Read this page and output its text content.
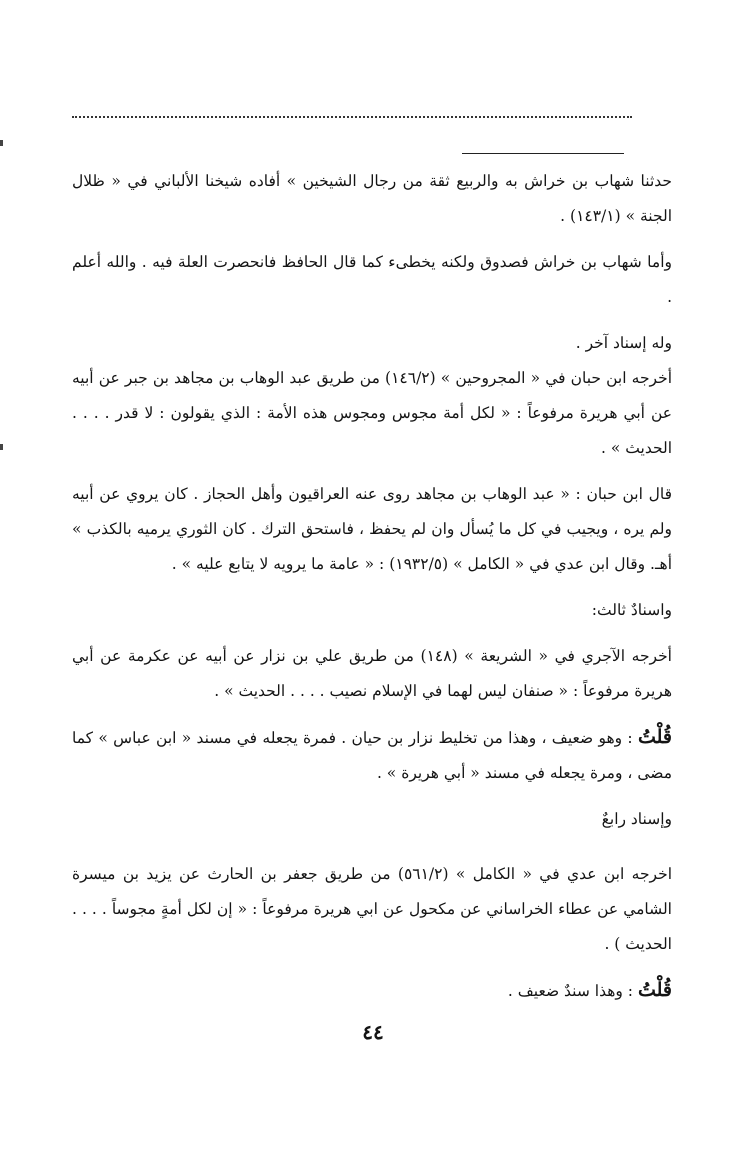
حدثنا شهاب بن خراش به والربيع ثقة من رجال الشيخين » أفاده شيخنا الألباني في « ظلال الجنة » (١٤٣/١) .

وأما شهاب بن خراش فصدوق ولكنه يخطىء كما قال الحافظ فانحصرت العلة فيه . والله أعلم .

وله إسناد آخر .

أخرجه ابن حبان في « المجروحين » (١٤٦/٢) من طريق عبد الوهاب بن مجاهد بن جبر عن أبيه عن أبي هريرة مرفوعاً : « لكل أمة مجوس ومجوس هذه الأمة : الذي يقولون : لا قدر . . . . الحديث » .

قال ابن حبان : « عبد الوهاب بن مجاهد روى عنه العراقيون وأهل الحجاز . كان يروي عن أبيه ولم يره ، ويجيب في كل ما يُسأل وان لم يحفظ ، فاستحق الترك . كان الثوري يرميه بالكذب » أهـ. وقال ابن عدي في « الكامل » (١٩٣٢/٥) : « عامة ما يرويه لا يتابع عليه » .

واسنادٌ ثالث:

أخرجه الآجري في « الشريعة » (١٤٨) من طريق علي بن نزار عن أبيه عن عكرمة عن أبي هريرة مرفوعاً : « صنفان ليس لهما في الإسلام نصيب . . . . الحديث » .

قُلْتُ : وهو ضعيف ، وهذا من تخليط نزار بن حيان . فمرة يجعله في مسند « ابن عباس » كما مضى ، ومرة يجعله في مسند « أبي هريرة » .

وإسناد رابعٌ

اخرجه ابن عدي في « الكامل » (٥٦١/٢) من طريق جعفر بن الحارث عن يزيد بن ميسرة الشامي عن عطاء الخراساني عن مكحول عن ابي هريرة مرفوعاً : « إن لكل أمةٍ مجوساً . . . . الحديث ) .

قُلْتُ : وهذا سندٌ ضعيف .

٤٤
